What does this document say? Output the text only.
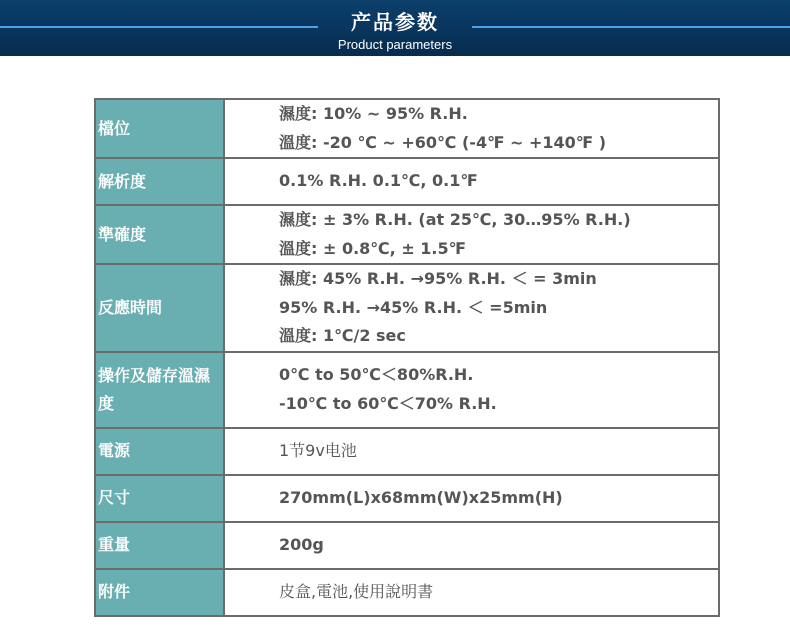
产品参数
Product parameters
檔位	濕度: 10% ~ 95% R.H.
溫度: -20 ℃ ~ +60℃ (-4℉ ~ +140℉ )

解析度	0.1% R.H. 0.1℃, 0.1℉

準確度	濕度: ± 3% R.H. (at 25℃, 30…95% R.H.)
溫度: ± 0.8℃, ± 1.5℉

反應時間	濕度: 45% R.H. →95% R.H. ＜ = 3min
95% R.H. →45% R.H. ＜ =5min
溫度: 1℃/2 sec

操作及儲存溫濕度	0℃ to 50℃＜80%R.H.
-10℃ to 60℃＜70% R.H.

電源	1节9v电池

尺寸	270mm(L)x68mm(W)x25mm(H)

重量	200g

附件	皮盒,電池,使用說明書
